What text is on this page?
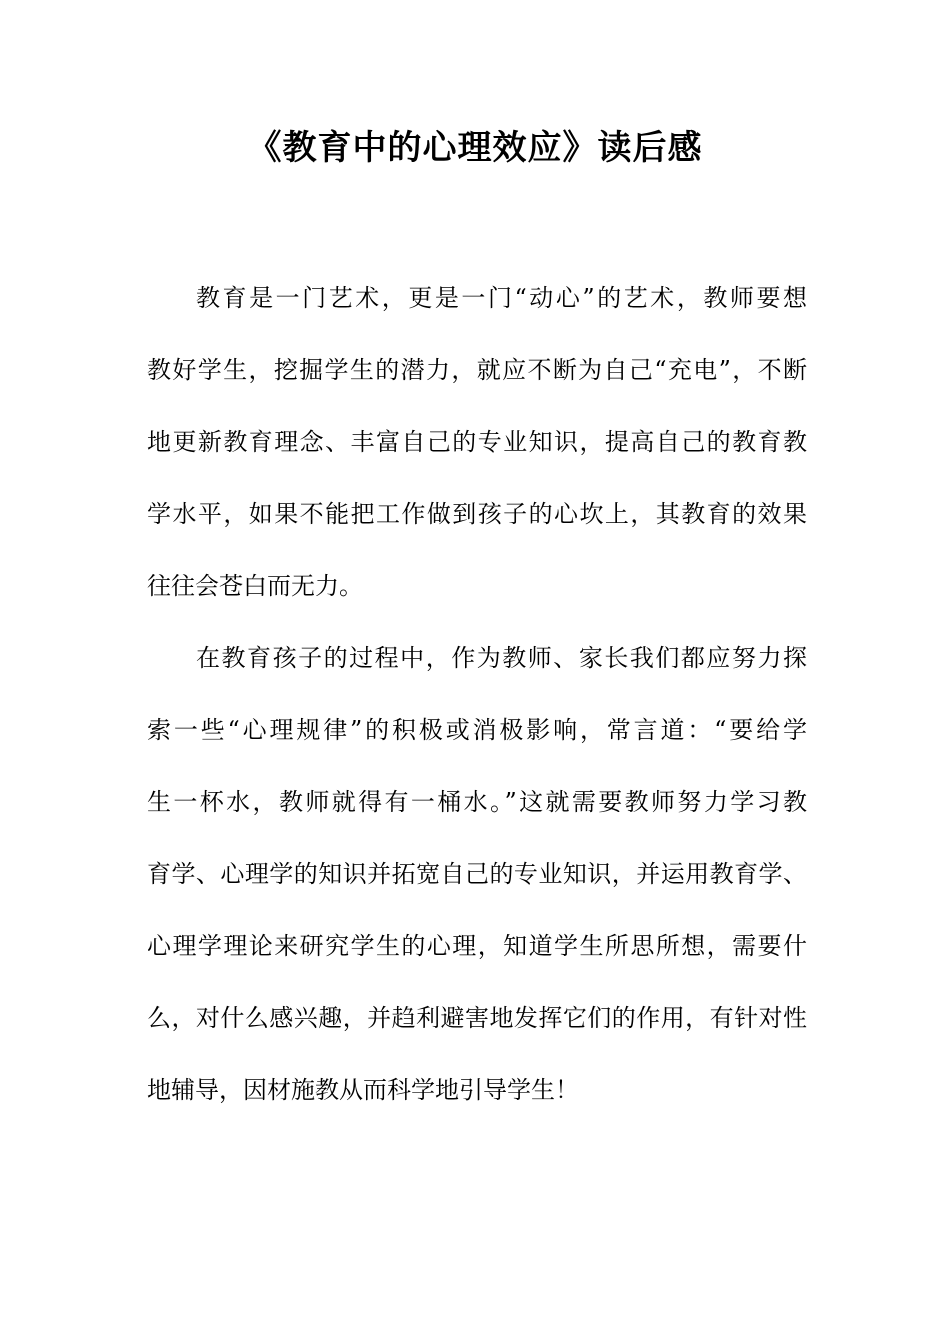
《教育中的心理效应》读后感
教育是一门艺术，更是一门“动心”的艺术，教师要想
教好学生，挖掘学生的潜力，就应不断为自己“充电”，不断
地更新教育理念、丰富自己的专业知识，提高自己的教育教
学水平，如果不能把工作做到孩子的心坎上，其教育的效果
往往会苍白而无力。
在教育孩子的过程中，作为教师、家长我们都应努力探
索一些“心理规律”的积极或消极影响，常言道：“要给学
生一杯水，教师就得有一桶水。”这就需要教师努力学习教
育学、心理学的知识并拓宽自己的专业知识，并运用教育学、
心理学理论来研究学生的心理，知道学生所思所想，需要什
么，对什么感兴趣，并趋利避害地发挥它们的作用，有针对性
地辅导，因材施教从而科学地引导学生！
